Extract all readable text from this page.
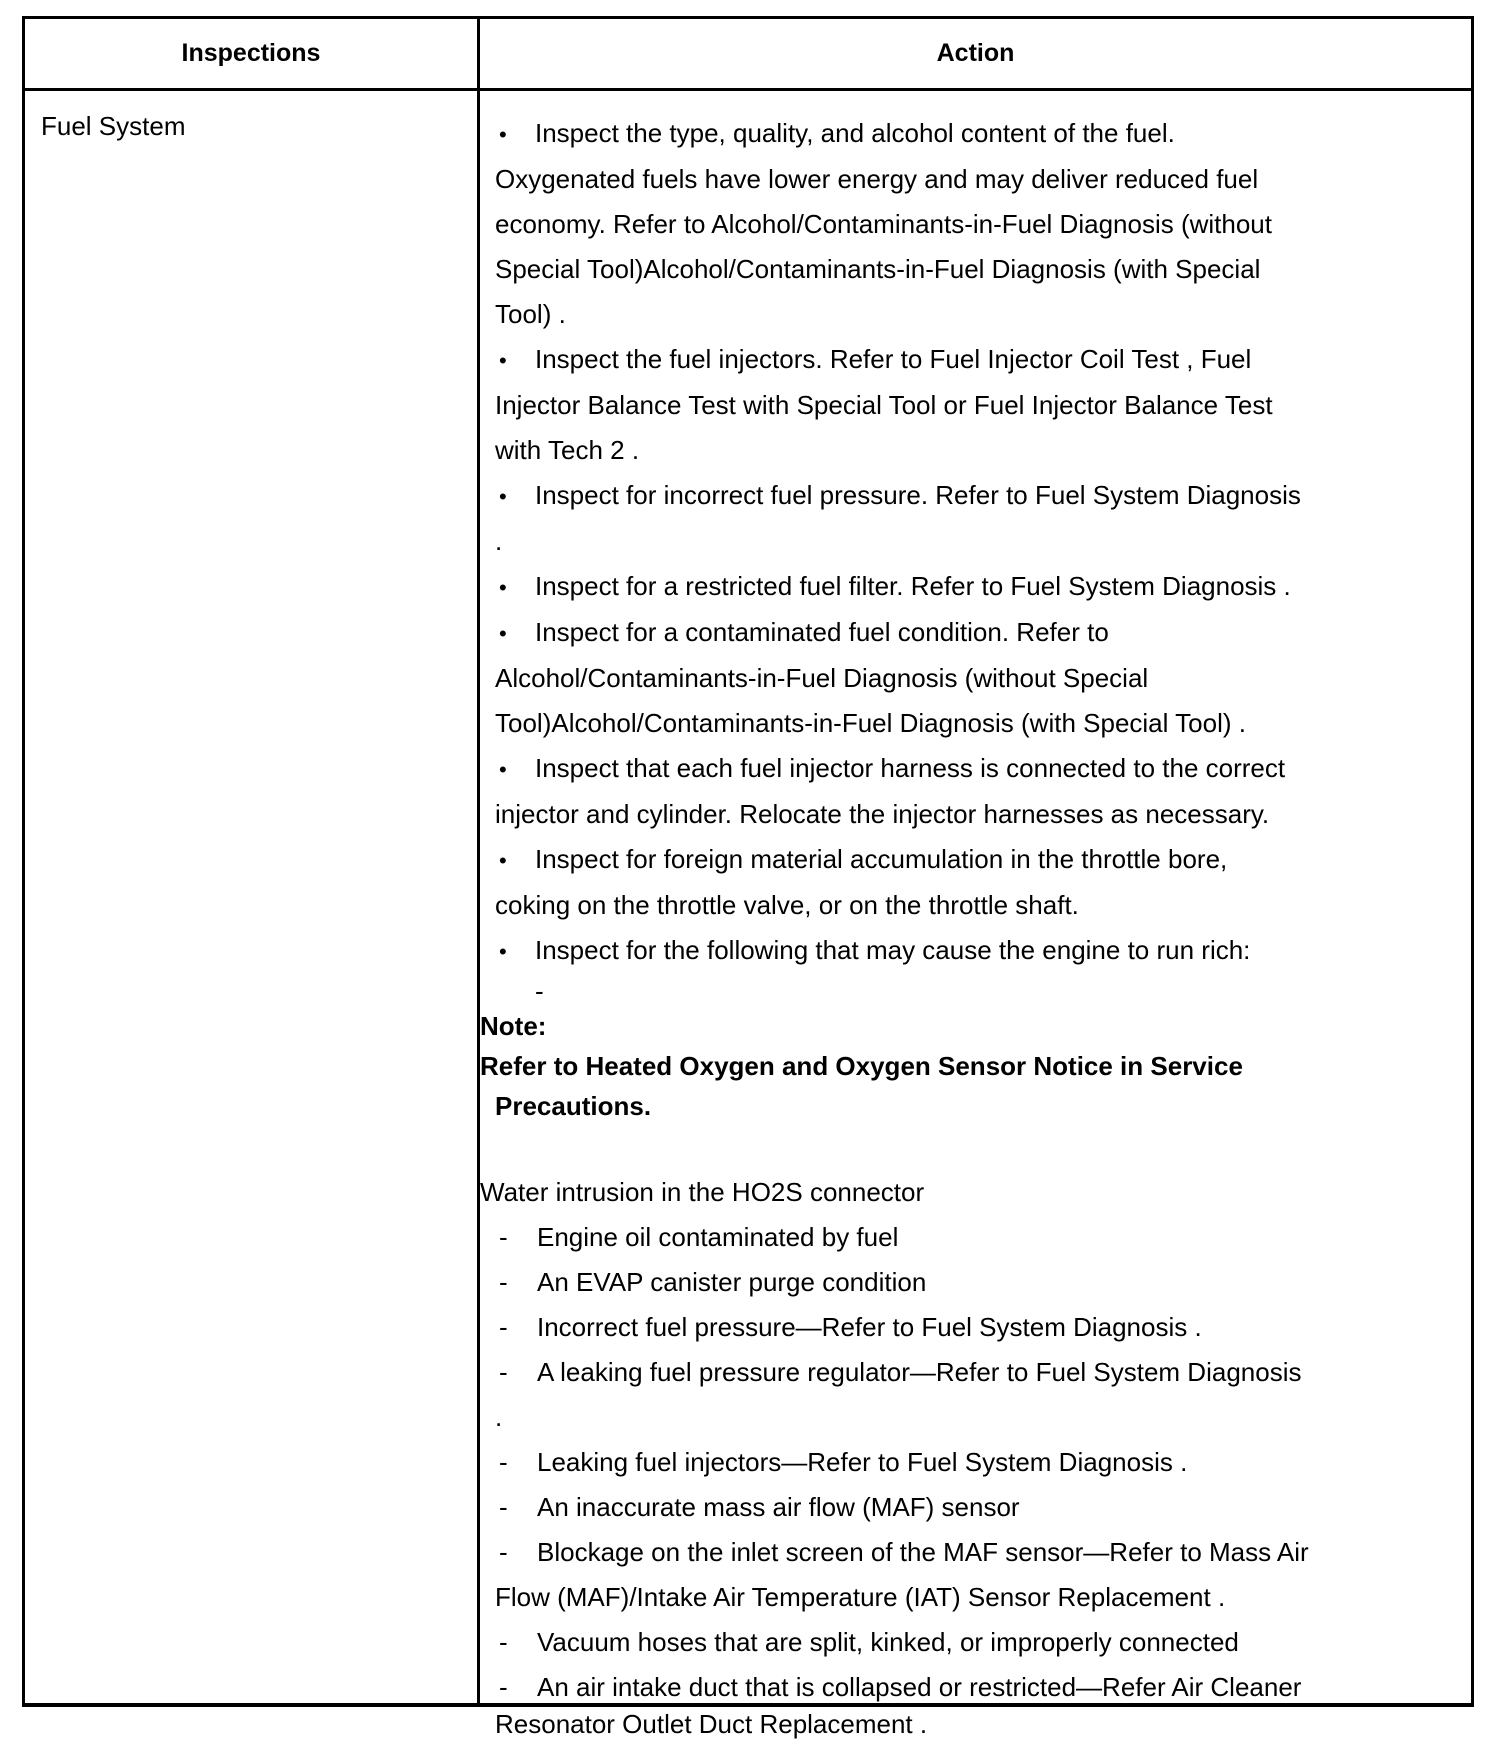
Inspections	Action
Fuel System	• Inspect the type, quality, and alcohol content of the fuel.
Oxygenated fuels have lower energy and may deliver reduced fuel
economy. Refer to Alcohol/Contaminants-in-Fuel Diagnosis (without
Special Tool)Alcohol/Contaminants-in-Fuel Diagnosis (with Special
Tool) .
• Inspect the fuel injectors. Refer to Fuel Injector Coil Test , Fuel
Injector Balance Test with Special Tool or Fuel Injector Balance Test
with Tech 2 .
• Inspect for incorrect fuel pressure. Refer to Fuel System Diagnosis
.
• Inspect for a restricted fuel filter. Refer to Fuel System Diagnosis .
• Inspect for a contaminated fuel condition. Refer to
Alcohol/Contaminants-in-Fuel Diagnosis (without Special
Tool)Alcohol/Contaminants-in-Fuel Diagnosis (with Special Tool) .
• Inspect that each fuel injector harness is connected to the correct
injector and cylinder. Relocate the injector harnesses as necessary.
• Inspect for foreign material accumulation in the throttle bore,
coking on the throttle valve, or on the throttle shaft.
• Inspect for the following that may cause the engine to run rich:
-
Note:
Refer to Heated Oxygen and Oxygen Sensor Notice in Service
Precautions.
Water intrusion in the HO2S connector
- Engine oil contaminated by fuel
- An EVAP canister purge condition
- Incorrect fuel pressure—Refer to Fuel System Diagnosis .
- A leaking fuel pressure regulator—Refer to Fuel System Diagnosis
.
- Leaking fuel injectors—Refer to Fuel System Diagnosis .
- An inaccurate mass air flow (MAF) sensor
- Blockage on the inlet screen of the MAF sensor—Refer to Mass Air
Flow (MAF)/Intake Air Temperature (IAT) Sensor Replacement .
- Vacuum hoses that are split, kinked, or improperly connected
- An air intake duct that is collapsed or restricted—Refer Air Cleaner
Resonator Outlet Duct Replacement .
